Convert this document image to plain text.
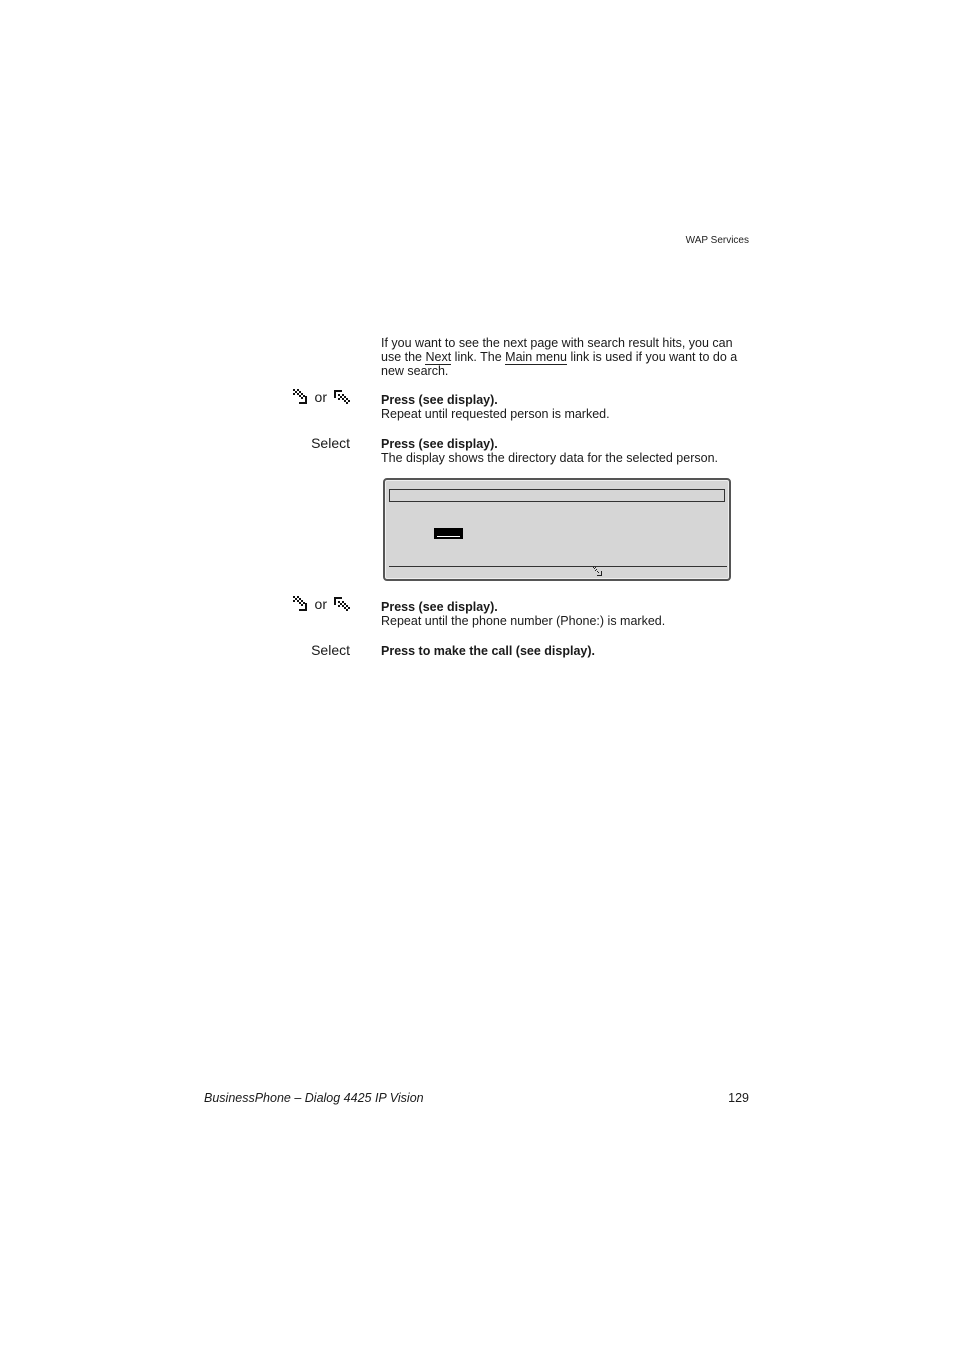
WAP Services
If you want to see the next page with search result hits, you can use the Next link. The Main menu link is used if you want to do a new search.
or	Press (see display).
Repeat until requested person is marked.
Select Press (see display).
The display shows the directory data for the selected person.
or	Press (see display).
Repeat until the phone number (Phone:) is marked.
Select Press to make the call (see display).
BusinessPhone – Dialog 4425 IP Vision	129
